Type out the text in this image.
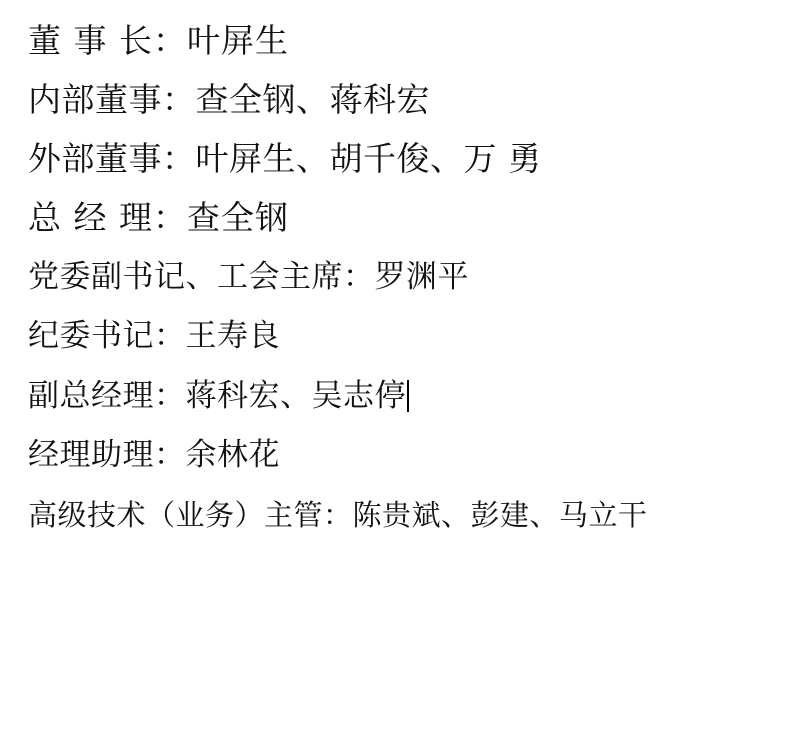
董 事 长：叶屏生
内部董事：查全钢、蒋科宏
外部董事：叶屏生、胡千俊、万 勇
总 经 理：查全钢
党委副书记、工会主席：罗渊平
纪委书记：王寿良
副总经理：蒋科宏、吴志停
经理助理：余林花
高级技术（业务）主管：陈贵斌、彭建、马立干
